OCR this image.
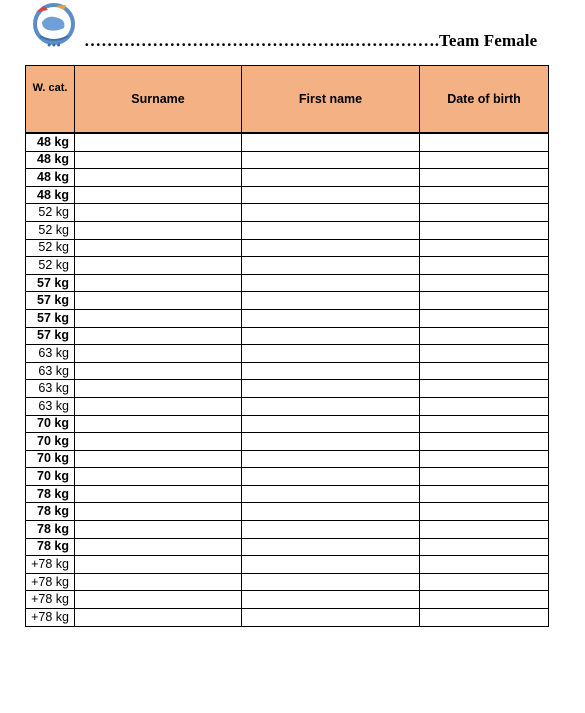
● ● ● ………………………………………..…………….Team Female
W. cat.	Surname	First name	Date of birth
48 kg			
48 kg			
48 kg			
48 kg			
52 kg			
52 kg			
52 kg			
52 kg			
57 kg			
57 kg			
57 kg			
57 kg			
63 kg			
63 kg			
63 kg			
63 kg			
70 kg			
70 kg			
70 kg			
70 kg			
78 kg			
78 kg			
78 kg			
78 kg			
+78 kg			
+78 kg			
+78 kg			
+78 kg			
